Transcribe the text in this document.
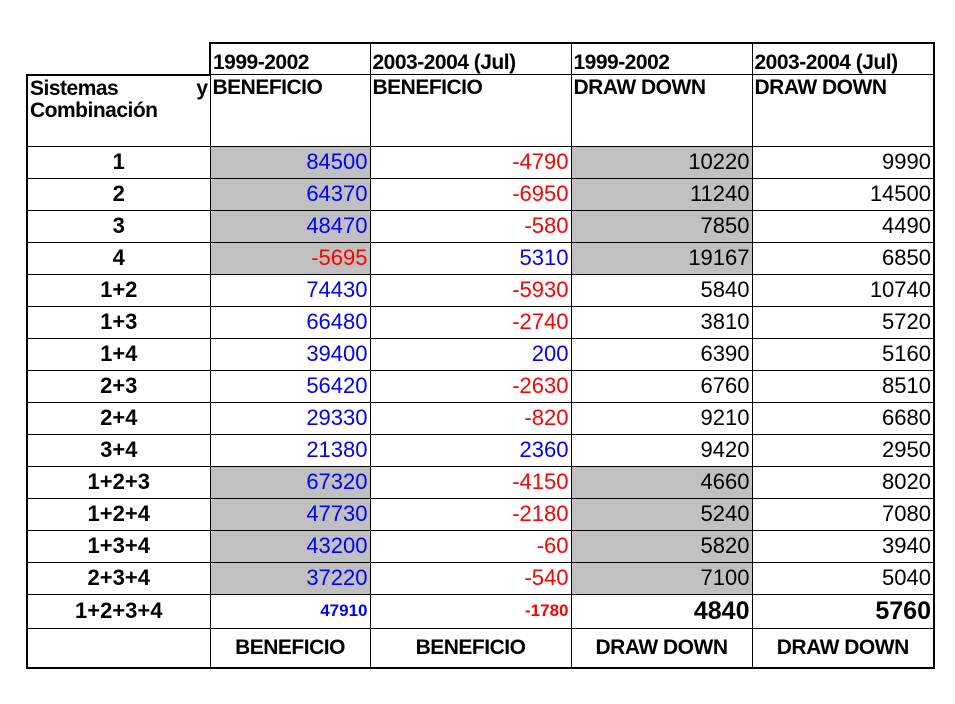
	1999-2002	2003-2004 (Jul)	1999-2002	2003-2004 (Jul)

Sistemas y
Combinación	BENEFICIO	BENEFICIO	DRAW DOWN	DRAW DOWN
1	84500	-4790	10220	9990
2	64370	-6950	11240	14500
3	48470	-580	7850	4490
4	-5695	5310	19167	6850
1+2	74430	-5930	5840	10740
1+3	66480	-2740	3810	5720
1+4	39400	200	6390	5160
2+3	56420	-2630	6760	8510
2+4	29330	-820	9210	6680
3+4	21380	2360	9420	2950
1+2+3	67320	-4150	4660	8020
1+2+4	47730	-2180	5240	7080
1+3+4	43200	-60	5820	3940
2+3+4	37220	-540	7100	5040
1+2+3+4	47910	-1780	4840	5760
	BENEFICIO	BENEFICIO	DRAW DOWN	DRAW DOWN
